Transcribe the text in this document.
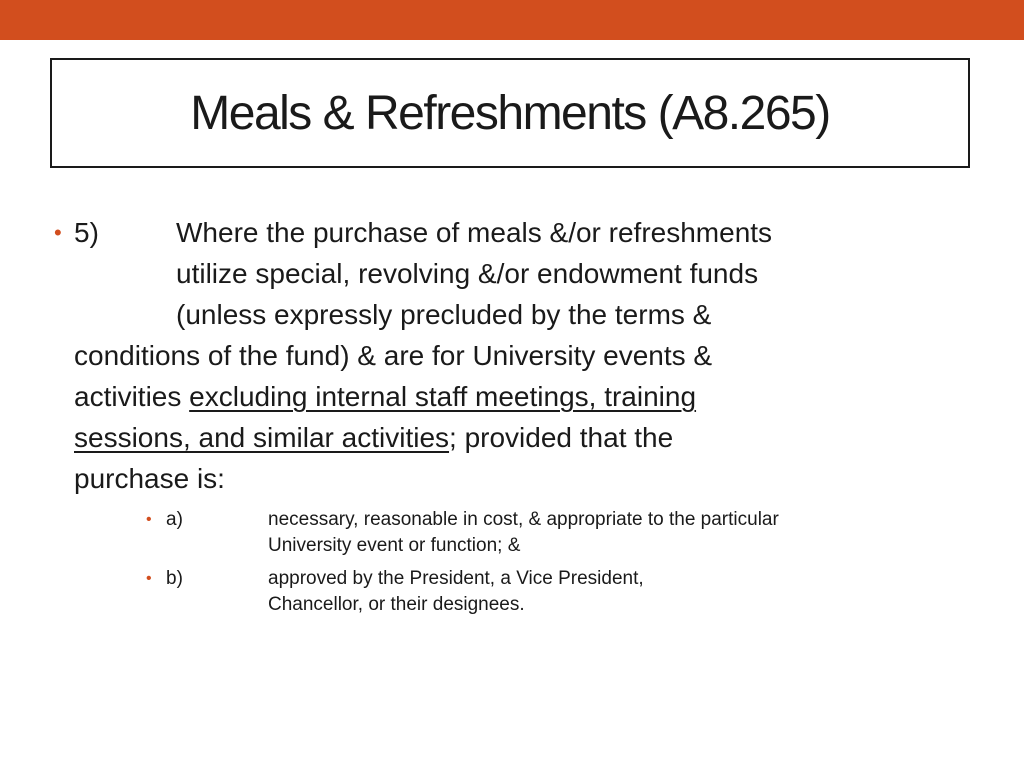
Meals & Refreshments (A8.265)
• 5)	Where the purchase of meals &/or refreshments
utilize special, revolving &/or endowment funds
(unless expressly precluded by the terms &
conditions of the fund) & are for University events &
activities excluding internal staff meetings, training
sessions, and similar activities; provided that the
purchase is:
• a)	necessary, reasonable in cost, & appropriate to the particular
University event or function; &
• b)	approved by the President, a Vice President,
Chancellor, or their designees.
